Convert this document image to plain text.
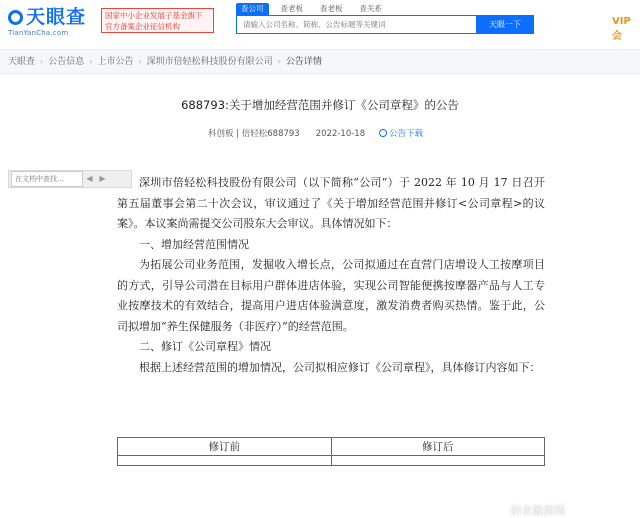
天眼查
TianYanCha.com
国家中小企业发展子基金旗下
官方备案企业征信机构
查公司	查老板	查老板	查关系
请输入公司名称、简称、公告标题等关键词
天眼一下	VIP会
天眼查 › 公告信息 › 上市公告 › 深圳市倍轻松科技股份有限公司 › 公告详情
688793:关于增加经营范围并修订《公司章程》的公告
科创板 | 倍轻松688793 2022-10-18	公告下载
在文档中查找...◀ ▶	深圳市倍轻松科技股份有限公司（以下简称“公司”）于 2022 年 10 月 17 日召开第五届董事会第二十次会议，审议通过了《关于增加经营范围并修订<公司章程>的议案》。本议案尚需提交公司股东大会审议。具体情况如下：

一、增加经营范围情况

为拓展公司业务范围，发掘收入增长点，公司拟通过在直营门店增设人工按摩项目的方式，引导公司潜在目标用户群体进店体验，实现公司智能便携按摩器产品与人工专业按摩技术的有效结合，提高用户进店体验满意度，激发消费者购买热情。鉴于此，公司拟增加“养生保健服务（非医疗）”的经营范围。

二、修订《公司章程》情况

根据上述经营范围的增加情况，公司拟相应修订《公司章程》，具体修订内容如下：

修订前	修订后

创业最前线
